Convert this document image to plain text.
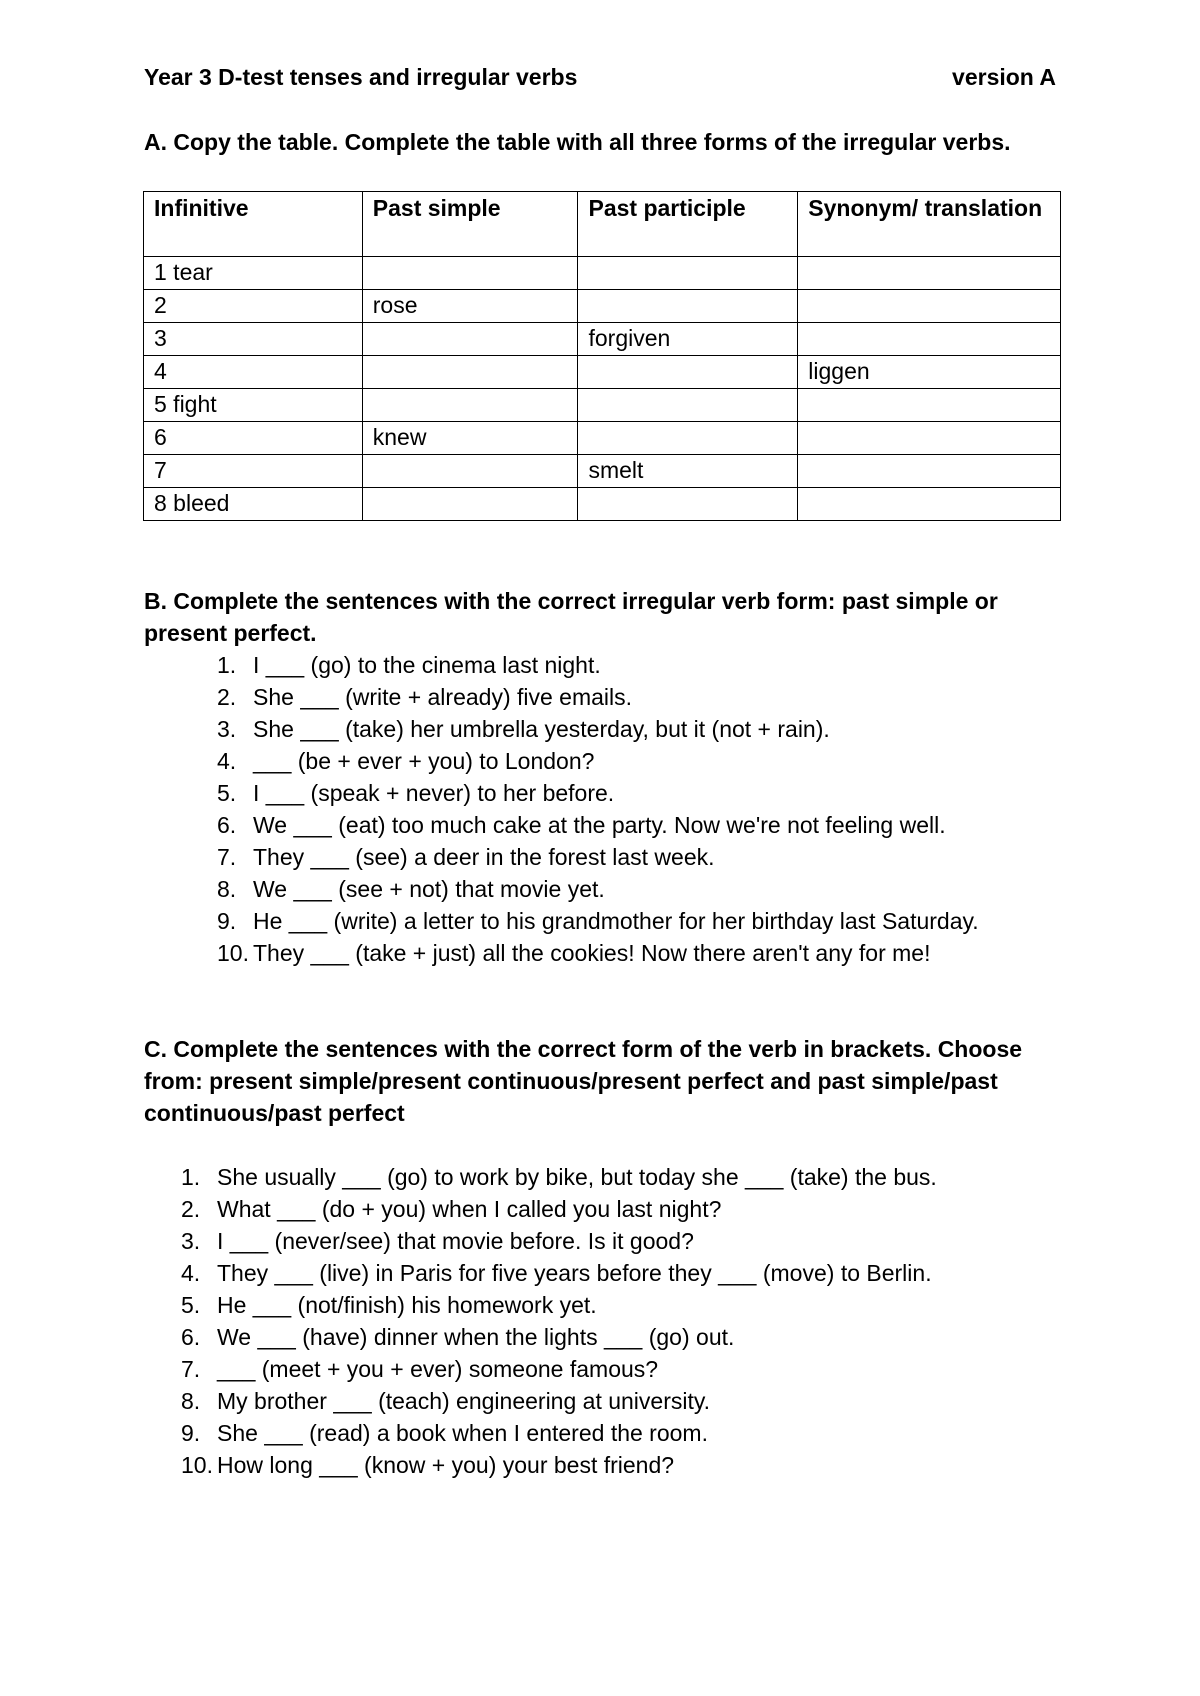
Year 3 D-test tenses and irregular verbs	version A
A. Copy the table. Complete the table with all three forms of the irregular verbs.
Infinitive	Past simple	Past participle	Synonym/ translation
1 tear			
2	rose		
3		forgiven	
4			liggen
5 fight			
6	knew		
7		smelt	
8 bleed			
B. Complete the sentences with the correct irregular verb form: past simple or present perfect.
1. I ___ (go) to the cinema last night.
2. She ___ (write + already) five emails.
3. She ___ (take) her umbrella yesterday, but it (not + rain).
4. ___ (be + ever + you) to London?
5. I ___ (speak + never) to her before.
6. We ___ (eat) too much cake at the party. Now we're not feeling well.
7. They ___ (see) a deer in the forest last week.
8. We ___ (see + not) that movie yet.
9. He ___ (write) a letter to his grandmother for her birthday last Saturday.
10. They ___ (take + just) all the cookies! Now there aren't any for me!
C. Complete the sentences with the correct form of the verb in brackets. Choose from: present simple/present continuous/present perfect and past simple/past continuous/past perfect
1. She usually ___ (go) to work by bike, but today she ___ (take) the bus.
2. What ___ (do + you) when I called you last night?
3. I ___ (never/see) that movie before. Is it good?
4. They ___ (live) in Paris for five years before they ___ (move) to Berlin.
5. He ___ (not/finish) his homework yet.
6. We ___ (have) dinner when the lights ___ (go) out.
7. ___ (meet + you + ever) someone famous?
8. My brother ___ (teach) engineering at university.
9. She ___ (read) a book when I entered the room.
10. How long ___ (know + you) your best friend?
